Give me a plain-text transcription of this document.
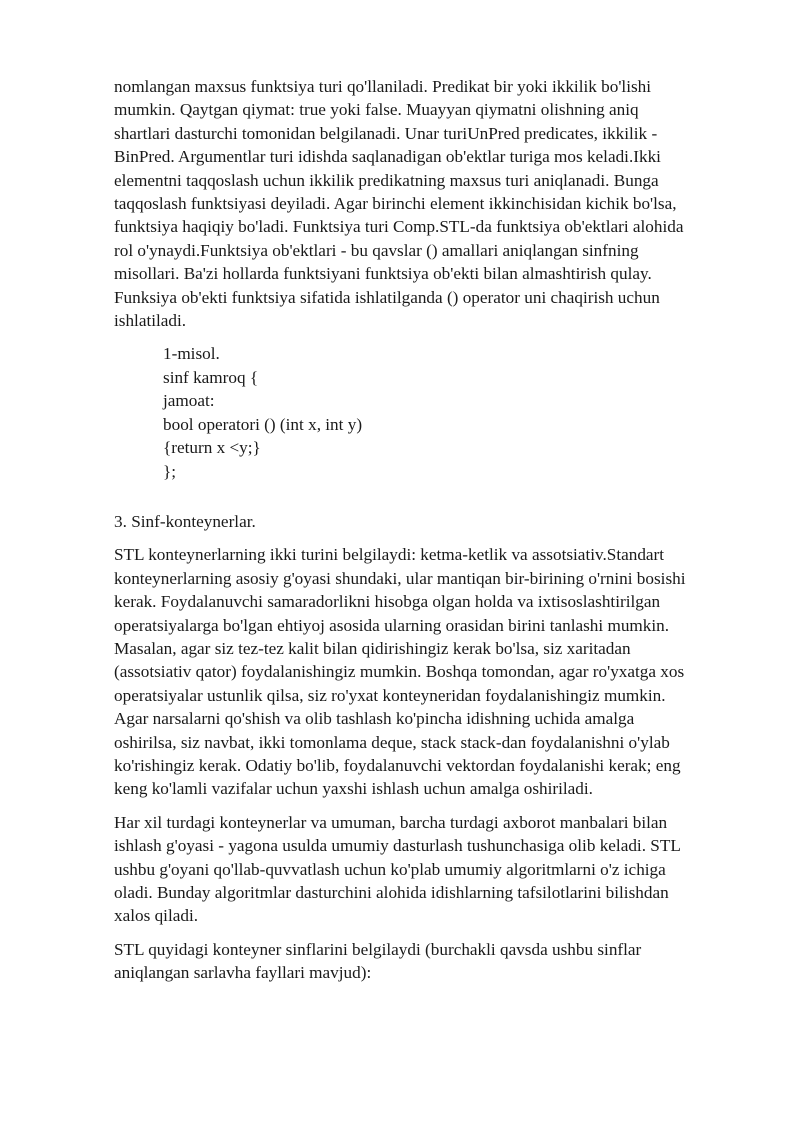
nomlangan maxsus funktsiya turi qo'llaniladi. Predikat bir yoki ikkilik bo'lishi
mumkin. Qaytgan qiymat: true yoki false. Muayyan qiymatni olishning aniq
shartlari dasturchi tomonidan belgilanadi. Unar turiUnPred predicates, ikkilik -
BinPred. Argumentlar turi idishda saqlanadigan ob'ektlar turiga mos keladi.Ikki
elementni taqqoslash uchun ikkilik predikatning maxsus turi aniqlanadi. Bunga
taqqoslash funktsiyasi deyiladi. Agar birinchi element ikkinchisidan kichik bo'lsa,
funktsiya haqiqiy bo'ladi. Funktsiya turi Comp.STL-da funktsiya ob'ektlari alohida
rol o'ynaydi.Funktsiya ob'ektlari - bu qavslar () amallari aniqlangan sinfning
misollari. Ba'zi hollarda funktsiyani funktsiya ob'ekti bilan almashtirish qulay.
Funksiya ob'ekti funktsiya sifatida ishlatilganda () operator uni chaqirish uchun
ishlatiladi.

1-misol.
sinf kamroq {
jamoat:
bool operatori () (int x, int y)
{return x <y;}
};

3. Sinf-konteynerlar.

STL konteynerlarning ikki turini belgilaydi: ketma-ketlik va assotsiativ.Standart
konteynerlarning asosiy g'oyasi shundaki, ular mantiqan bir-birining o'rnini bosishi
kerak. Foydalanuvchi samaradorlikni hisobga olgan holda va ixtisoslashtirilgan
operatsiyalarga bo'lgan ehtiyoj asosida ularning orasidan birini tanlashi mumkin.
Masalan, agar siz tez-tez kalit bilan qidirishingiz kerak bo'lsa, siz xaritadan
(assotsiativ qator) foydalanishingiz mumkin. Boshqa tomondan, agar ro'yxatga xos
operatsiyalar ustunlik qilsa, siz ro'yxat konteyneridan foydalanishingiz mumkin.
Agar narsalarni qo'shish va olib tashlash ko'pincha idishning uchida amalga
oshirilsa, siz navbat, ikki tomonlama deque, stack stack-dan foydalanishni o'ylab
ko'rishingiz kerak. Odatiy bo'lib, foydalanuvchi vektordan foydalanishi kerak; eng
keng ko'lamli vazifalar uchun yaxshi ishlash uchun amalga oshiriladi.

Har xil turdagi konteynerlar va umuman, barcha turdagi axborot manbalari bilan
ishlash g'oyasi - yagona usulda umumiy dasturlash tushunchasiga olib keladi. STL
ushbu g'oyani qo'llab-quvvatlash uchun ko'plab umumiy algoritmlarni o'z ichiga
oladi. Bunday algoritmlar dasturchini alohida idishlarning tafsilotlarini bilishdan
xalos qiladi.

STL quyidagi konteyner sinflarini belgilaydi (burchakli qavsda ushbu sinflar
aniqlangan sarlavha fayllari mavjud):
